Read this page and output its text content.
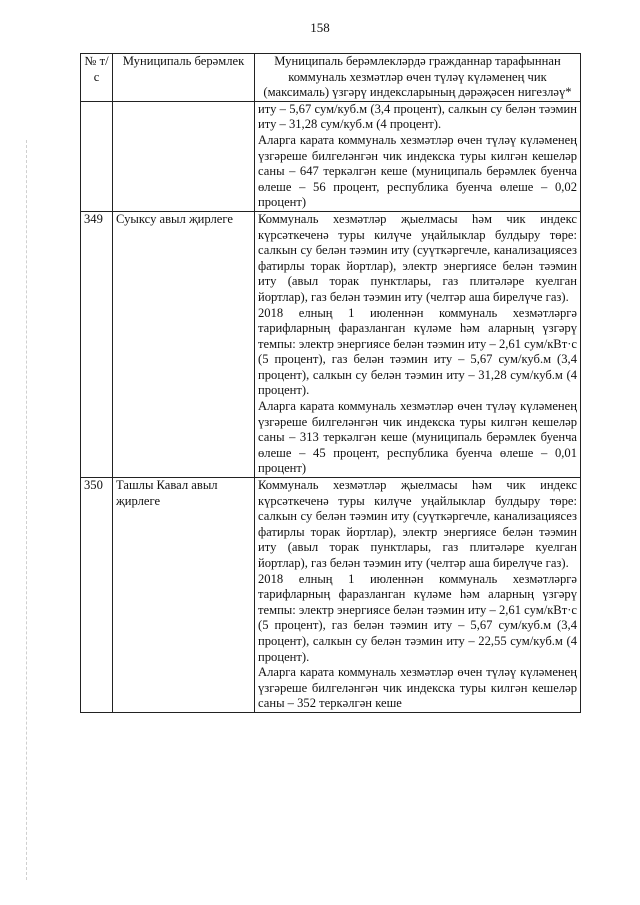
158
№ т/с	Муниципаль берәмлек	Муниципаль берәмлекләрдә гражданнар тарафыннан коммуналь хезмәтләр өчен түләү күләменең чик (максималь) үзгәрү индексларының дәрәҗәсен нигезләү*

		иту – 5,67 сум/куб.м (3,4 процент), салкын су белән тәэмин иту – 31,28 сум/куб.м (4 процент).

Аларга карата коммуналь хезмәтләр өчен түләү күләменең үзгәреше билгеләнгән чик индекска туры килгән кешеләр саны – 647 теркәлгән кеше (муниципаль берәмлек буенча өлеше – 56 процент, республика буенча өлеше – 0,02 процент)

349	Суыксу авыл җирлеге	Коммуналь хезмәтләр җыелмасы һәм чик индекс күрсәткеченә туры килүче уңайлыклар булдыру төре: салкын су белән тәэмин иту (суүткәргечле, канализациясез фатирлы торак йортлар), электр энергиясе белән тәэмин иту (авыл торак пунктлары, газ плитәләре куелган йортлар), газ белән тәэмин иту (челтәр аша бирелүче газ).

2018 елның 1 июленнән коммуналь хезмәтләргә тарифларның фаразланган күләме һәм аларның үзгәрү темпы: электр энергиясе белән тәэмин иту – 2,61 сум/кВт·с (5 процент), газ белән тәэмин иту – 5,67 сум/куб.м (3,4 процент), салкын су белән тәэмин иту – 31,28 сум/куб.м (4 процент).

Аларга карата коммуналь хезмәтләр өчен түләү күләменең үзгәреше билгеләнгән чик индекска туры килгән кешеләр саны – 313 теркәлгән кеше (муниципаль берәмлек буенча өлеше – 45 процент, республика буенча өлеше – 0,01 процент)

350	Ташлы Кавал авыл җирлеге	Коммуналь хезмәтләр җыелмасы һәм чик индекс күрсәткеченә туры килүче уңайлыклар булдыру төре: салкын су белән тәэмин иту (суүткәргечле, канализациясез фатирлы торак йортлар), электр энергиясе белән тәэмин иту (авыл торак пунктлары, газ плитәләре куелган йортлар), газ белән тәэмин иту (челтәр аша бирелүче газ).

2018 елның 1 июленнән коммуналь хезмәтләргә тарифларның фаразланган күләме һәм аларның үзгәрү темпы: электр энергиясе белән тәэмин иту – 2,61 сум/кВт·с (5 процент), газ белән тәэмин иту – 5,67 сум/куб.м (3,4 процент), салкын су белән тәэмин иту – 22,55 сум/куб.м (4 процент).

Аларга карата коммуналь хезмәтләр өчен түләү күләменең үзгәреше билгеләнгән чик индекска туры килгән кешеләр саны – 352 теркәлгән кеше
